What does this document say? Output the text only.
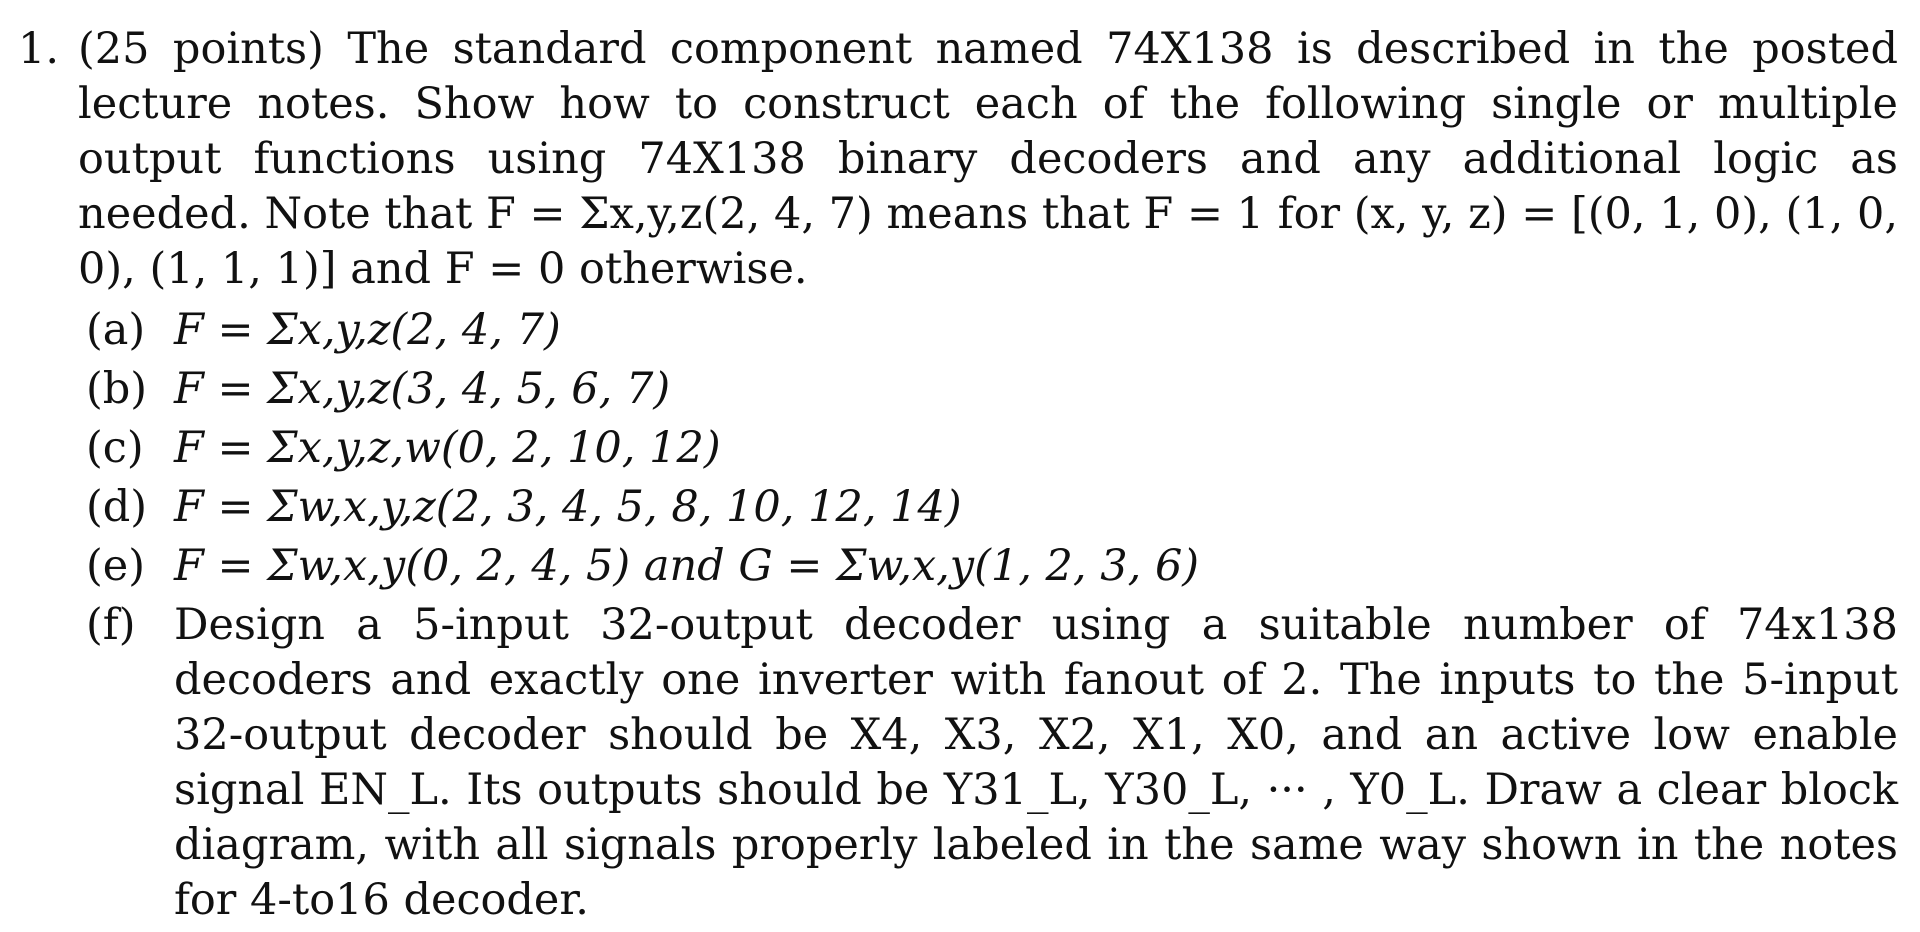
1. (25 points) The standard component named 74X138 is described in the posted lecture notes. Show how to construct each of the following single or multiple output functions using 74X138 binary decoders and any additional logic as needed. Note that F = Σx,y,z(2, 4, 7) means that F = 1 for (x, y, z) = [(0, 1, 0), (1, 0, 0), (1, 1, 1)] and F = 0 otherwise.
(a) F = Σx,y,z(2, 4, 7)
(b) F = Σx,y,z(3, 4, 5, 6, 7)
(c) F = Σx,y,z,w(0, 2, 10, 12)
(d) F = Σw,x,y,z(2, 3, 4, 5, 8, 10, 12, 14)
(e) F = Σw,x,y(0, 2, 4, 5) and G = Σw,x,y(1, 2, 3, 6)
(f) Design a 5-input 32-output decoder using a suitable number of 74x138 decoders and exactly one inverter with fanout of 2. The inputs to the 5-input 32-output decoder should be X4, X3, X2, X1, X0, and an active low enable signal EN_L. Its outputs should be Y31_L, Y30_L, ··· , Y0_L. Draw a clear block diagram, with all signals properly labeled in the same way shown in the notes for 4-to16 decoder.
